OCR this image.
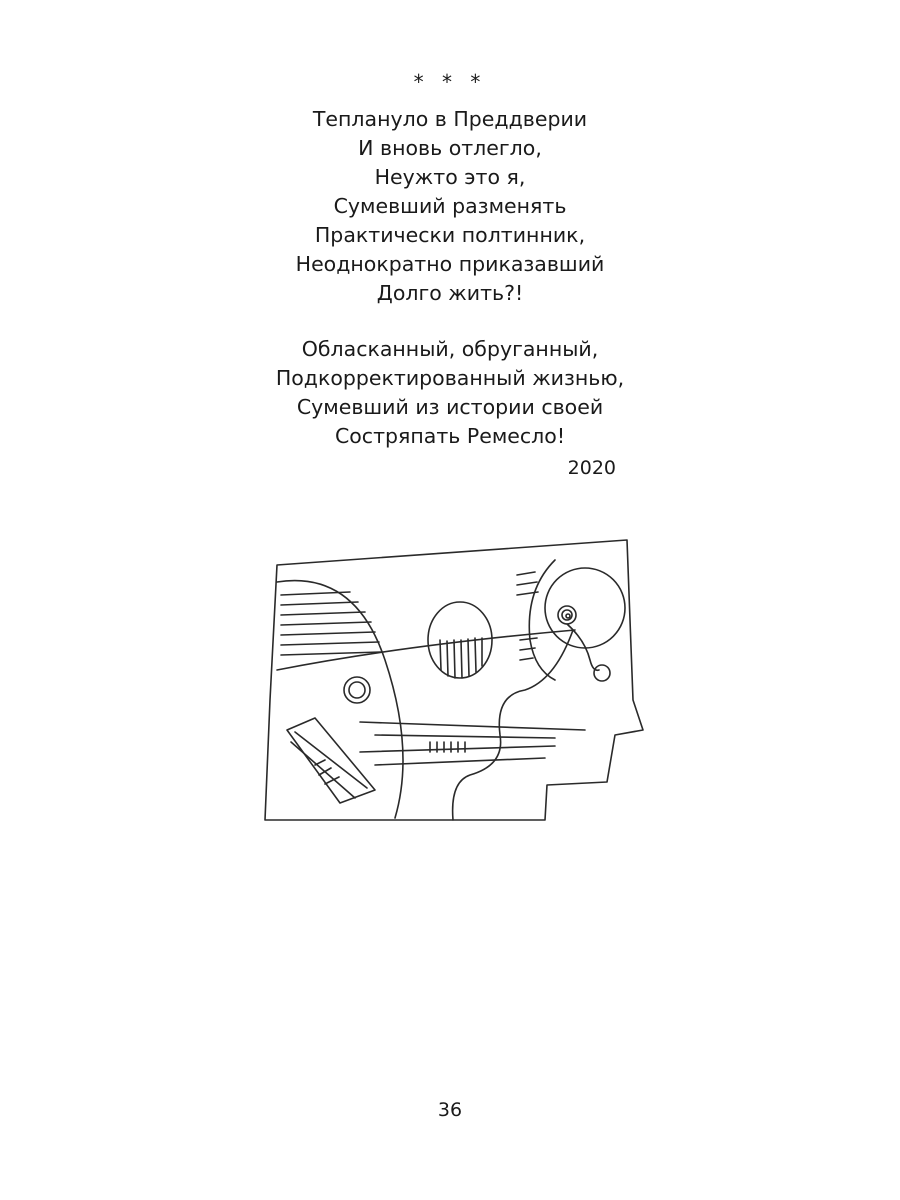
* * *

Тепланyло в Преддверии
И вновь отлегло,
Неужто это я,
Сумевший разменять
Практически полтинник,
Неоднократно приказавший
Долго жить?!

Обласканный, обруганный,
Подкорректированный жизнью,
Сумевший из истории своей
Состряпать Ремесло!

2020
36
